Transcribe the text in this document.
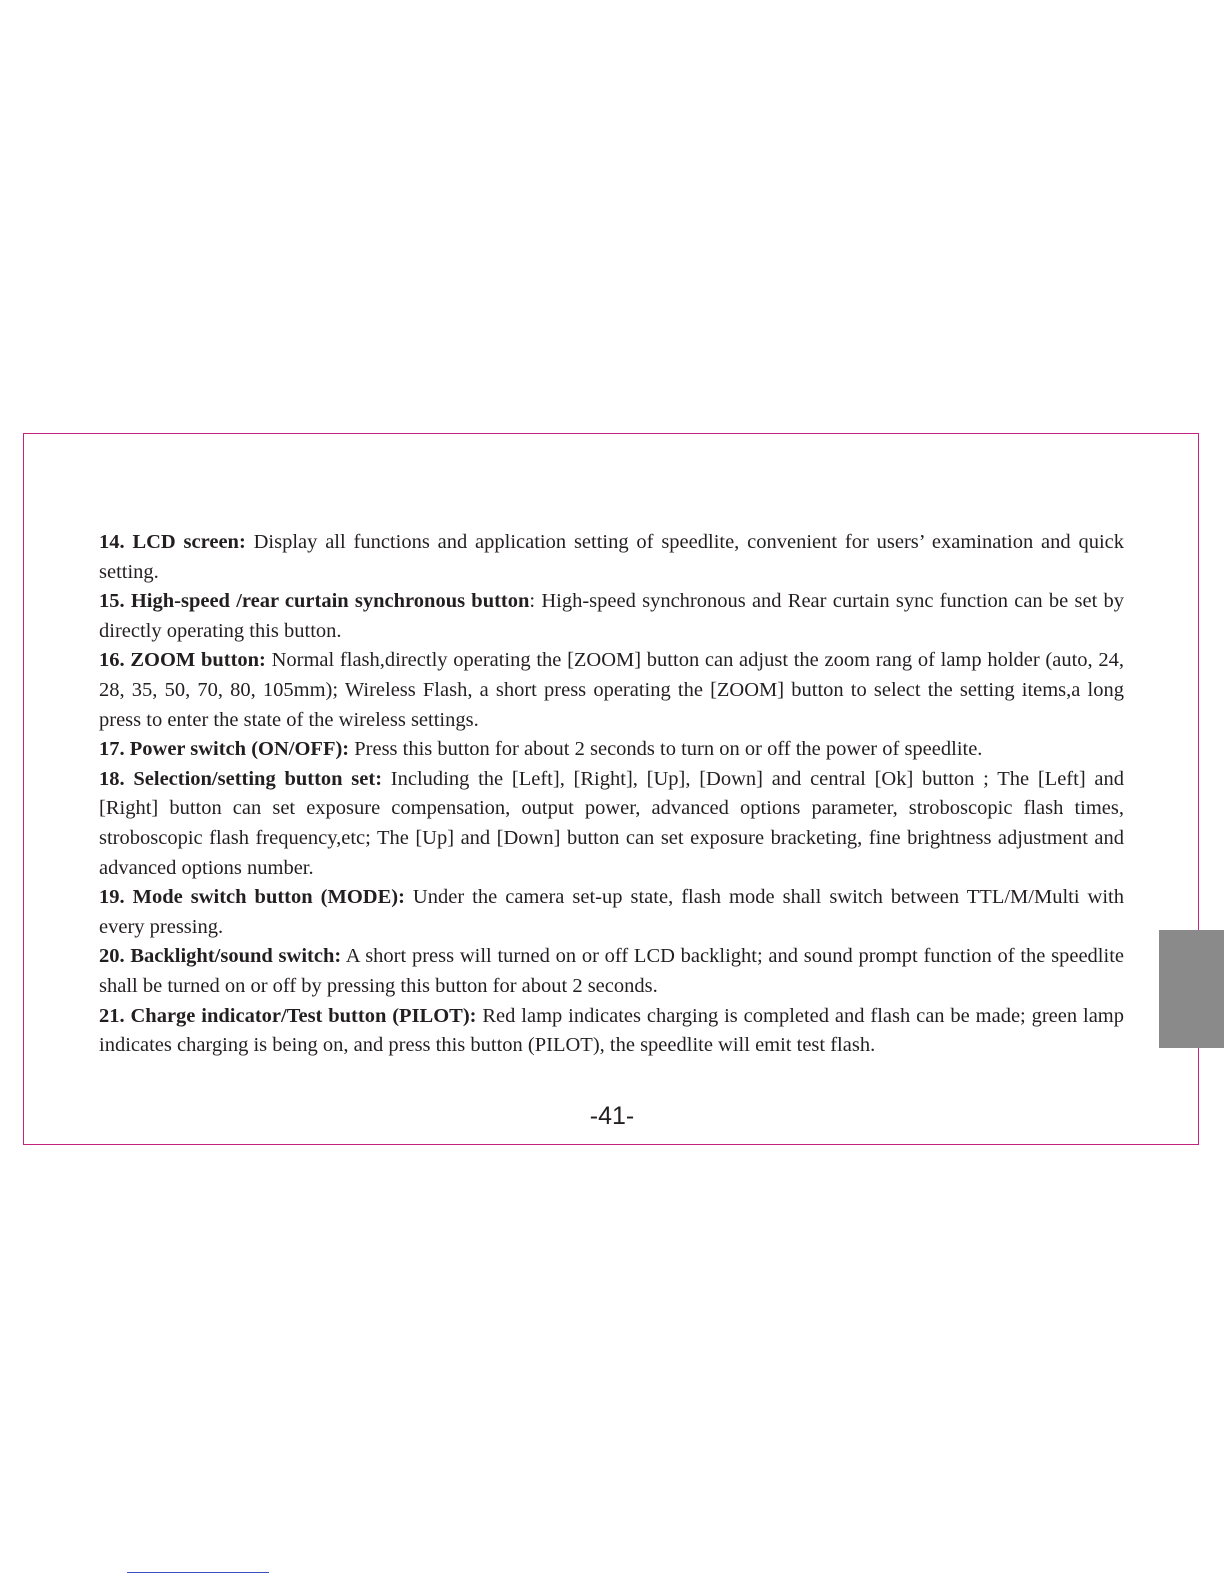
14. LCD screen: Display all functions and application setting of speedlite, convenient for users’ examination and quick setting.

15. High-speed /rear curtain synchronous button: High-speed synchronous and Rear curtain sync function can be set by directly operating this button.

16. ZOOM button: Normal flash,directly operating the [ZOOM] button can adjust the zoom rang of lamp holder (auto, 24, 28, 35, 50, 70, 80, 105mm); Wireless Flash, a short press operating the [ZOOM] button to select the setting items,a long press to enter the state of the wireless settings.

17. Power switch (ON/OFF): Press this button for about 2 seconds to turn on or off the power of speedlite.

18. Selection/setting button set: Including the [Left], [Right], [Up], [Down] and central [Ok] button ; The [Left] and [Right] button can set exposure compensation, output power, advanced options parameter, stroboscopic flash times, stroboscopic flash frequency,etc; The [Up] and [Down] button can set exposure bracketing, fine brightness adjustment and advanced options number.

19. Mode switch button (MODE): Under the camera set-up state, flash mode shall switch between TTL/M/Multi with every pressing.

20. Backlight/sound switch: A short press will turned on or off LCD backlight; and sound prompt function of the speedlite shall be turned on or off by pressing this button for about 2 seconds.

21. Charge indicator/Test button (PILOT): Red lamp indicates charging is completed and flash can be made; green lamp indicates charging is being on, and press this button (PILOT), the speedlite will emit test flash.

-41-
